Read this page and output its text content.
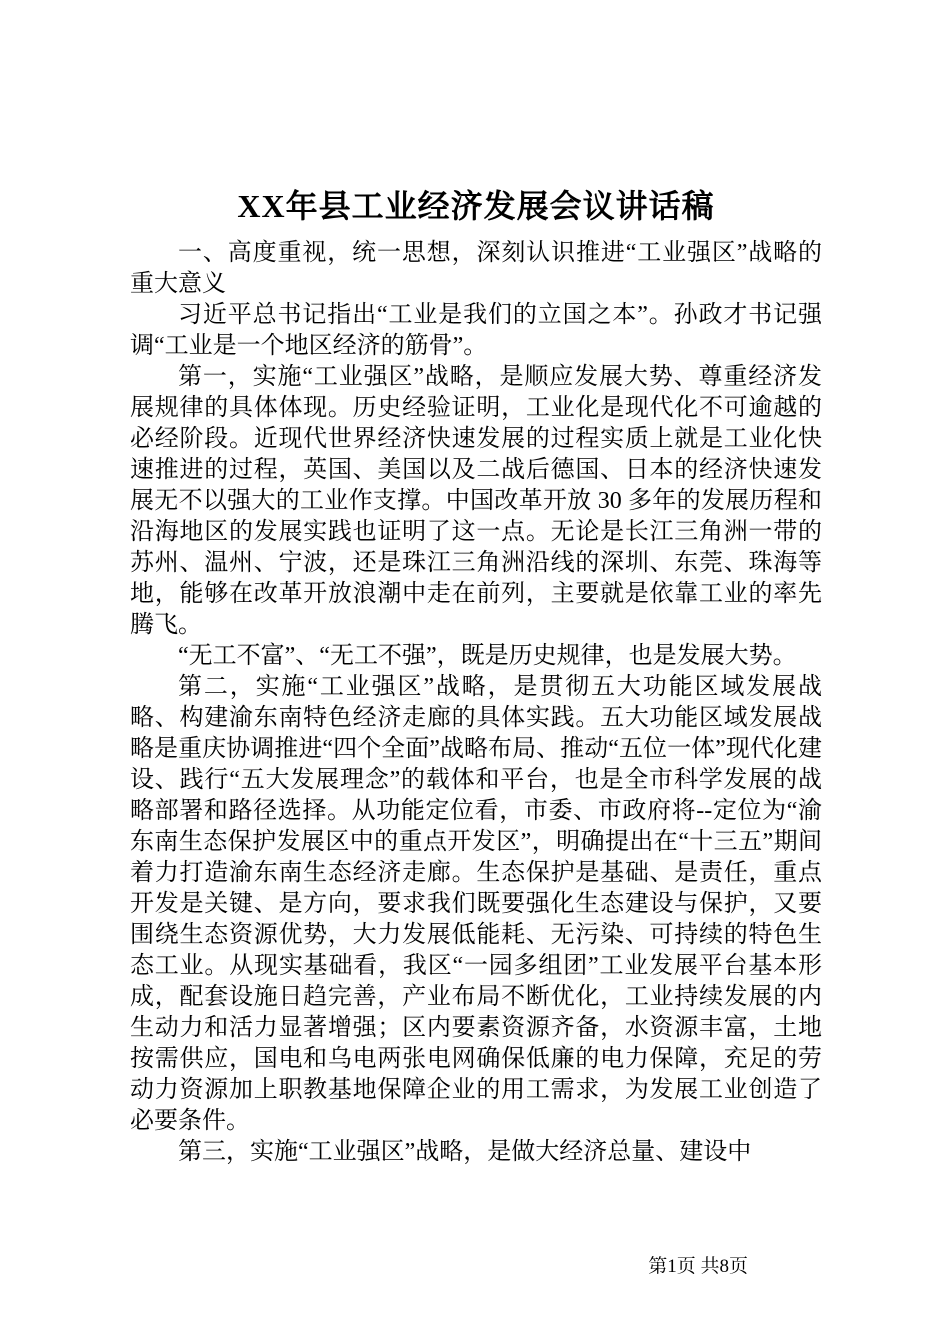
XX年县工业经济发展会议讲话稿

一、高度重视，统一思想，深刻认识推进“工业强区”战略的重大意义

习近平总书记指出“工业是我们的立国之本”。孙政才书记强调“工业是一个地区经济的筋骨”。

第一，实施“工业强区”战略，是顺应发展大势、尊重经济发展规律的具体体现。历史经验证明，工业化是现代化不可逾越的必经阶段。近现代世界经济快速发展的过程实质上就是工业化快速推进的过程，英国、美国以及二战后德国、日本的经济快速发展无不以强大的工业作支撑。中国改革开放 30 多年的发展历程和沿海地区的发展实践也证明了这一点。无论是长江三角洲一带的苏州、温州、宁波，还是珠江三角洲沿线的深圳、东莞、珠海等地，能够在改革开放浪潮中走在前列，主要就是依靠工业的率先腾飞。

“无工不富”、“无工不强”，既是历史规律，也是发展大势。

第二，实施“工业强区”战略，是贯彻五大功能区域发展战略、构建渝东南特色经济走廊的具体实践。五大功能区域发展战略是重庆协调推进“四个全面”战略布局、推动“五位一体”现代化建设、践行“五大发展理念”的载体和平台，也是全市科学发展的战略部署和路径选择。从功能定位看，市委、市政府将--定位为“渝东南生态保护发展区中的重点开发区”，明确提出在“十三五”期间着力打造渝东南生态经济走廊。生态保护是基础、是责任，重点开发是关键、是方向，要求我们既要强化生态建设与保护，又要围绕生态资源优势，大力发展低能耗、无污染、可持续的特色生态工业。从现实基础看，我区“一园多组团”工业发展平台基本形成，配套设施日趋完善，产业布局不断优化，工业持续发展的内生动力和活力显著增强；区内要素资源齐备，水资源丰富，土地按需供应，国电和乌电两张电网确保低廉的电力保障，充足的劳动力资源加上职教基地保障企业的用工需求，为发展工业创造了必要条件。

第三，实施“工业强区”战略，是做大经济总量、建设中

第1页 共8页
